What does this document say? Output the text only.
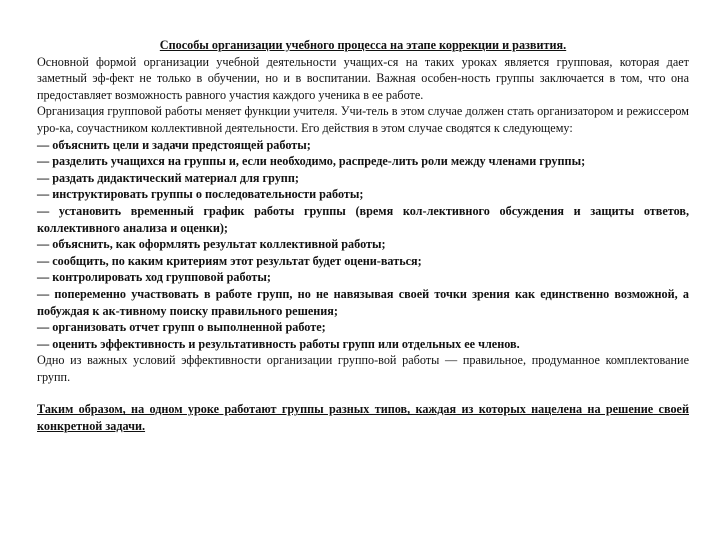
Способы организации учебного процесса на этапе коррекции и развития.

Основной формой организации учебной деятельности учащих-ся на таких уроках является групповая, которая дает заметный эф-фект не только в обучении, но и в воспитании. Важная особен-ность группы заключается в том, что она предоставляет возможность равного участия каждого ученика в ее работе.

Организация групповой работы меняет функции учителя. Учи-тель в этом случае должен стать организатором и режиссером уро-ка, соучастником коллективной деятельности. Его действия в этом случае сводятся к следующему:

— объяснить цели и задачи предстоящей работы;
— разделить учащихся на группы и, если необходимо, распреде-лить роли между членами группы;
— раздать дидактический материал для групп;
— инструктировать группы о последовательности работы;
— установить временный график работы группы (время кол-лективного обсуждения и защиты ответов, коллективного анализа и оценки);
— объяснить, как оформлять результат коллективной работы;
— сообщить, по каким критериям этот результат будет оцени-ваться;
— контролировать ход групповой работы;
— попеременно участвовать в работе групп, но не навязывая своей точки зрения как единственно возможной, а побуждая к ак-тивному поиску правильного решения;
— организовать отчет групп о выполненной работе;
— оценить эффективность и результативность работы групп или отдельных ее членов.

Одно из важных условий эффективности организации группо-вой работы — правильное, продуманное комплектование групп.

Таким образом, на одном уроке работают группы разных типов, каждая из которых нацелена на решение своей конкретной задачи.
